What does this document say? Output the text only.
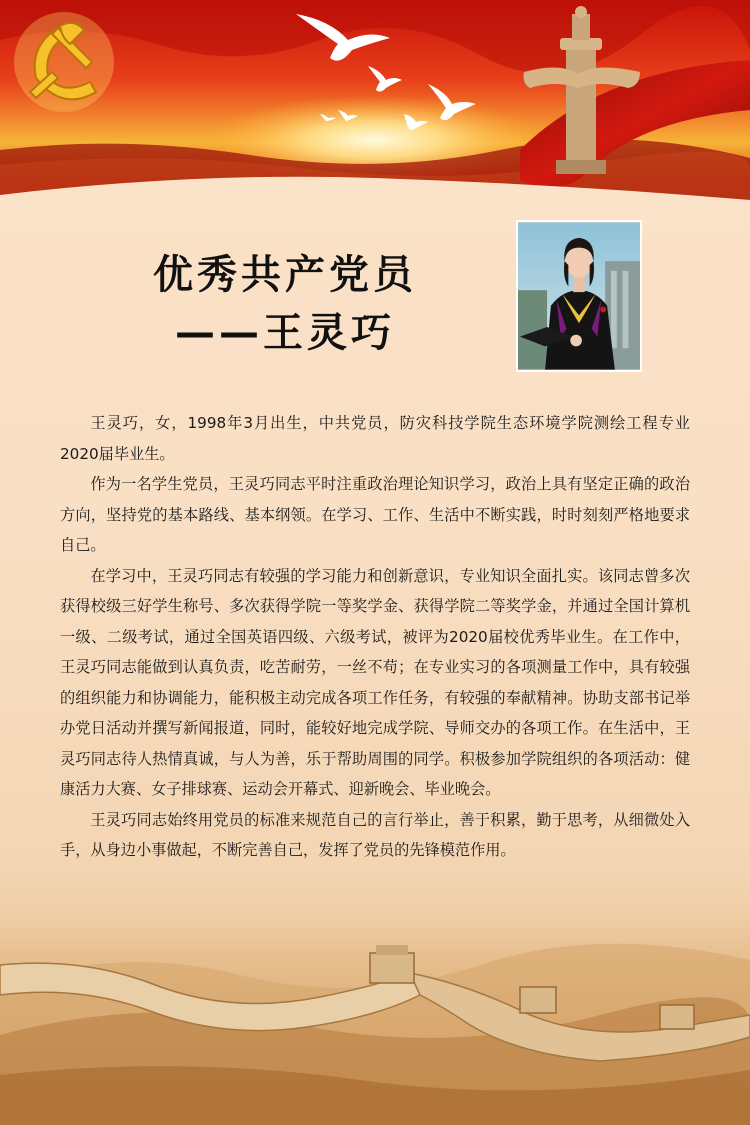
优秀共产党员
——王灵巧

王灵巧，女，1998年3月出生，中共党员，防灾科技学院生态环境学院测绘工程专业2020届毕业生。

作为一名学生党员，王灵巧同志平时注重政治理论知识学习，政治上具有坚定正确的政治方向，坚持党的基本路线、基本纲领。在学习、工作、生活中不断实践，时时刻刻严格地要求自己。

在学习中，王灵巧同志有较强的学习能力和创新意识，专业知识全面扎实。该同志曾多次获得校级三好学生称号、多次获得学院一等奖学金、获得学院二等奖学金，并通过全国计算机一级、二级考试，通过全国英语四级、六级考试，被评为2020届校优秀毕业生。在工作中，王灵巧同志能做到认真负责，吃苦耐劳，一丝不苟；在专业实习的各项测量工作中，具有较强的组织能力和协调能力，能积极主动完成各项工作任务，有较强的奉献精神。协助支部书记举办党日活动并撰写新闻报道，同时，能较好地完成学院、导师交办的各项工作。在生活中，王灵巧同志待人热情真诚，与人为善，乐于帮助周围的同学。积极参加学院组织的各项活动：健康活力大赛、女子排球赛、运动会开幕式、迎新晚会、毕业晚会。

王灵巧同志始终用党员的标准来规范自己的言行举止，善于积累，勤于思考，从细微处入手，从身边小事做起，不断完善自己，发挥了党员的先锋模范作用。
